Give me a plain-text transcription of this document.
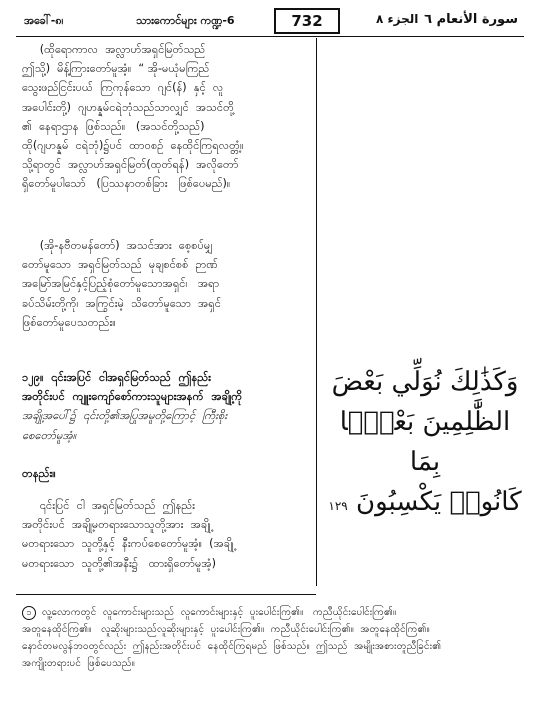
အခေါ်-၈၊	သားကောင်များ ကဏ္ဍ-6	732	الجزء ٨ سورة الأنعام ٦

(ထိုရောကာလ  အလ္လာဟ်အရှင်မြတ်သည်

ဤသို့)  မိန့်ကြားတော်မူအံ့။  “ အို-မယုံမကြည်

သွေးဖည်ငြင်းပယ်  ကြကုန်သော  ဂျင်(န်)  နှင့်  လူ

အပေါင်းတို့)  ဂျဟန္နမ်ငရဲဘုံသည်သာလျှင်  အသင်တို့

၏  နေရာဌာန  ဖြစ်သည်။   (အသင်တို့သည်)

ထို(ဂျဟန္နမ်  ငရဲဘုံ)၌ပင်  ထာဝစဉ်  နေထိုင်ကြရလတ္တံ့။

သို့ရာတွင်  အလ္လာဟ်အရှင်မြတ်(ထုတ်ရန်)  အလိုတော်

ရှိတော်မူပါသော်   (ပြဿနာတစ်ခြား   ဖြစ်ပေမည်)။

(အို-နဗီတမန်တော်)  အသင်အား  စေ့စပ်မျှ

တော်မူသော  အရှင်မြတ်သည်  မုချစင်စစ်  ဉာဏ်

အမြော်အမြင်နှင့်ပြည့်စုံတော်မူသောအရှင်၊   အရာ

ခပ်သိမ်းတို့ကို၊  အကြွင်းမဲ့  သိတော်မူသော  အရှင်

ဖြစ်တော်မူပေသတည်း။

၁၂၉။  ၎င်းအပြင်  ငါအရှင်မြတ်သည်  ဤနည်း

အတိုင်းပင်  ကျူးကျော်စော်ကားသူများအနက်  အချို့ကို

အချို့အပေါ်၌  ၎င်းတို့၏အပြုအမူတို့ကြောင့်  ကြီးစိုး

စေတော်မူအံ့။

တနည်း။

၎င်းပြင်  ငါ  အရှင်မြတ်သည်  ဤနည်း

အတိုင်းပင်  အချို့မတရားသောသူတို့အား  အချို့

မတရားသော  သူတို့နှင့်  နီးကပ်စေတော်မူအံ့။  (အချို့

မတရားသော  သူတို့၏အနီး၌   ထားရှိတော်မူအံ့)

وَكَذَٰلِكَ نُوَلِّي بَعْضَ
الظَّٰلِمِينَ بَعْضًۢا بِمَا
كَانُوا۟ يَكْسِبُونَ ١٢٩

၁ လူ့လောကတွင်  လူကောင်းများသည်  လူကောင်းများနှင့်  ပူးပေါင်းကြ၏။   ကညီယိုင်းပေါင်းကြ၏။

အတူနေထိုင်ကြ၏။   လူဆိုးများသည်လူဆိုးများနှင့်  ပူးပေါင်းကြ၏။  ကညီယိုင်းပေါင်းကြ၏။  အတူနေထိုင်ကြ၏။

နောင်တမလွန်ဘဝတွင်လည်း  ဤနည်းအတိုင်းပင်  နေထိုင်ကြရမည်  ဖြစ်သည်။  ဤသည်  အမျိုးအစားတူညီခြင်း၏

အကျိုးတရားပင်  ဖြစ်ပေသည်။
